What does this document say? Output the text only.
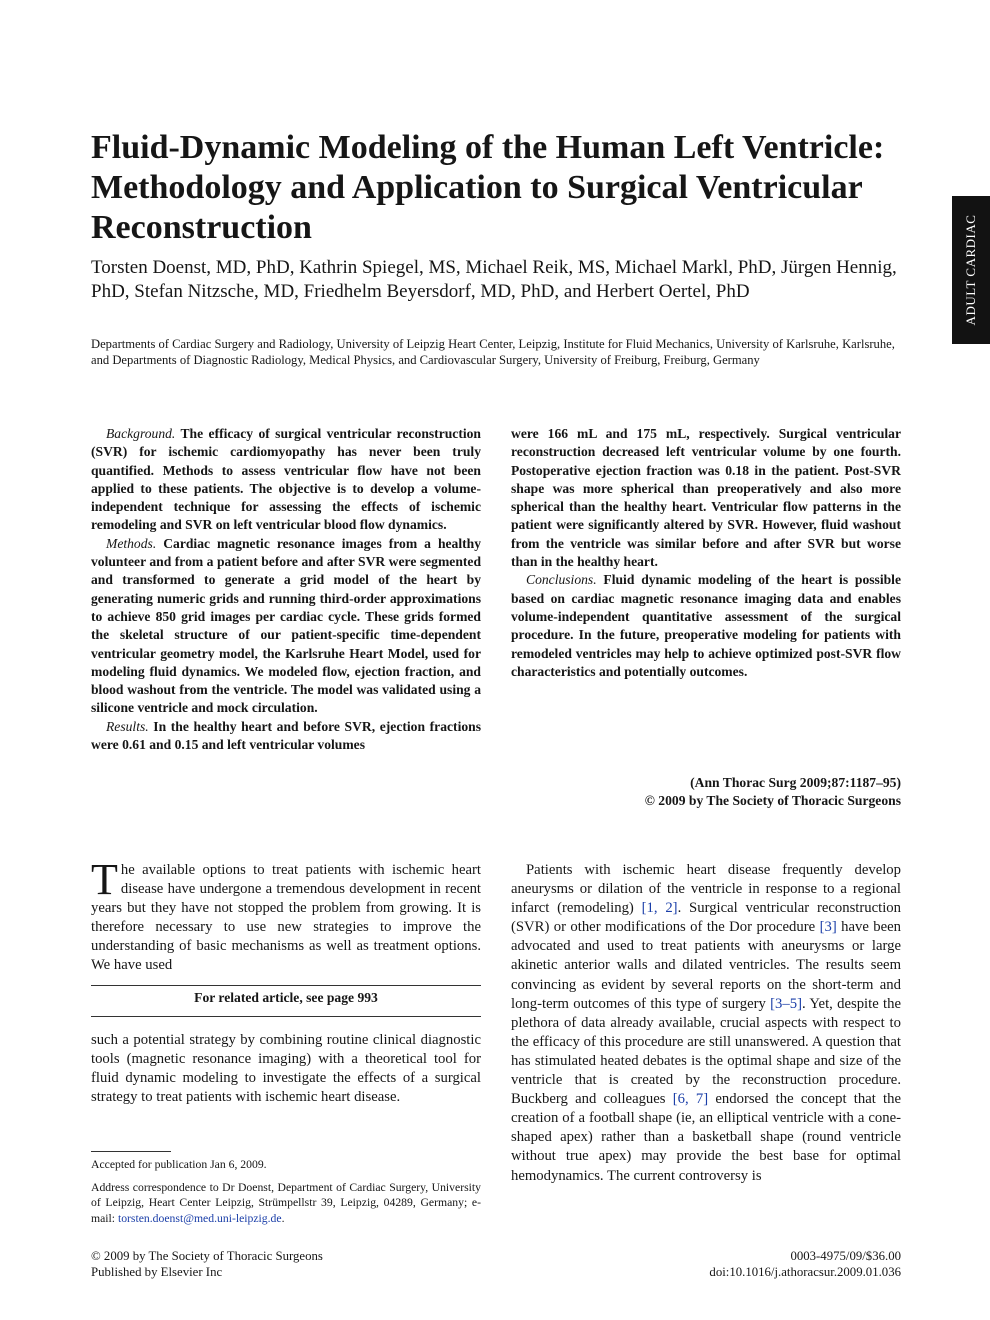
ADULT CARDIAC
Fluid-Dynamic Modeling of the Human Left Ventricle: Methodology and Application to Surgical Ventricular Reconstruction
Torsten Doenst, MD, PhD, Kathrin Spiegel, MS, Michael Reik, MS, Michael Markl, PhD, Jürgen Hennig, PhD, Stefan Nitzsche, MD, Friedhelm Beyersdorf, MD, PhD, and Herbert Oertel, PhD
Departments of Cardiac Surgery and Radiology, University of Leipzig Heart Center, Leipzig, Institute for Fluid Mechanics, University of Karlsruhe, Karlsruhe, and Departments of Diagnostic Radiology, Medical Physics, and Cardiovascular Surgery, University of Freiburg, Freiburg, Germany

Background. The efficacy of surgical ventricular reconstruction (SVR) for ischemic cardiomyopathy has never been truly quantified. Methods to assess ventricular flow have not been applied to these patients. The objective is to develop a volume-independent technique for assessing the effects of ischemic remodeling and SVR on left ventricular blood flow dynamics.

Methods. Cardiac magnetic resonance images from a healthy volunteer and from a patient before and after SVR were segmented and transformed to generate a grid model of the heart by generating numeric grids and running third-order approximations to achieve 850 grid images per cardiac cycle. These grids formed the skeletal structure of our patient-specific time-dependent ventricular geometry model, the Karlsruhe Heart Model, used for modeling fluid dynamics. We modeled flow, ejection fraction, and blood washout from the ventricle. The model was validated using a silicone ventricle and mock circulation.

Results. In the healthy heart and before SVR, ejection fractions were 0.61 and 0.15 and left ventricular volumes

were 166 mL and 175 mL, respectively. Surgical ventricular reconstruction decreased left ventricular volume by one fourth. Postoperative ejection fraction was 0.18 in the patient. Post-SVR shape was more spherical than preoperatively and also more spherical than the healthy heart. Ventricular flow patterns in the patient were significantly altered by SVR. However, fluid washout from the ventricle was similar before and after SVR but worse than in the healthy heart.

Conclusions. Fluid dynamic modeling of the heart is possible based on cardiac magnetic resonance imaging data and enables volume-independent quantitative assessment of the surgical procedure. In the future, preoperative modeling for patients with remodeled ventricles may help to achieve optimized post-SVR flow characteristics and potentially outcomes.

(Ann Thorac Surg 2009;87:1187–95)
© 2009 by The Society of Thoracic Surgeons

The available options to treat patients with ischemic heart disease have undergone a tremendous development in recent years but they have not stopped the problem from growing. It is therefore necessary to use new strategies to improve the understanding of basic mechanisms as well as treatment options. We have used

For related article, see page 993

such a potential strategy by combining routine clinical diagnostic tools (magnetic resonance imaging) with a theoretical tool for fluid dynamic modeling to investigate the effects of a surgical strategy to treat patients with ischemic heart disease.

Patients with ischemic heart disease frequently develop aneurysms or dilation of the ventricle in response to a regional infarct (remodeling) [1, 2]. Surgical ventricular reconstruction (SVR) or other modifications of the Dor procedure [3] have been advocated and used to treat patients with aneurysms or large akinetic anterior walls and dilated ventricles. The results seem convincing as evident by several reports on the short-term and long-term outcomes of this type of surgery [3–5]. Yet, despite the plethora of data already available, crucial aspects with respect to the efficacy of this procedure are still unanswered. A question that has stimulated heated debates is the optimal shape and size of the ventricle that is created by the reconstruction procedure. Buckberg and colleagues [6, 7] endorsed the concept that the creation of a football shape (ie, an elliptical ventricle with a cone-shaped apex) rather than a basketball shape (round ventricle without true apex) may provide the best base for optimal hemodynamics. The current controversy is

Accepted for publication Jan 6, 2009.

Address correspondence to Dr Doenst, Department of Cardiac Surgery, University of Leipzig, Heart Center Leipzig, Strümpellstr 39, Leipzig, 04289, Germany; e-mail: torsten.doenst@med.uni-leipzig.de.

© 2009 by The Society of Thoracic Surgeons
Published by Elsevier Inc
0003-4975/09/$36.00
doi:10.1016/j.athoracsur.2009.01.036
